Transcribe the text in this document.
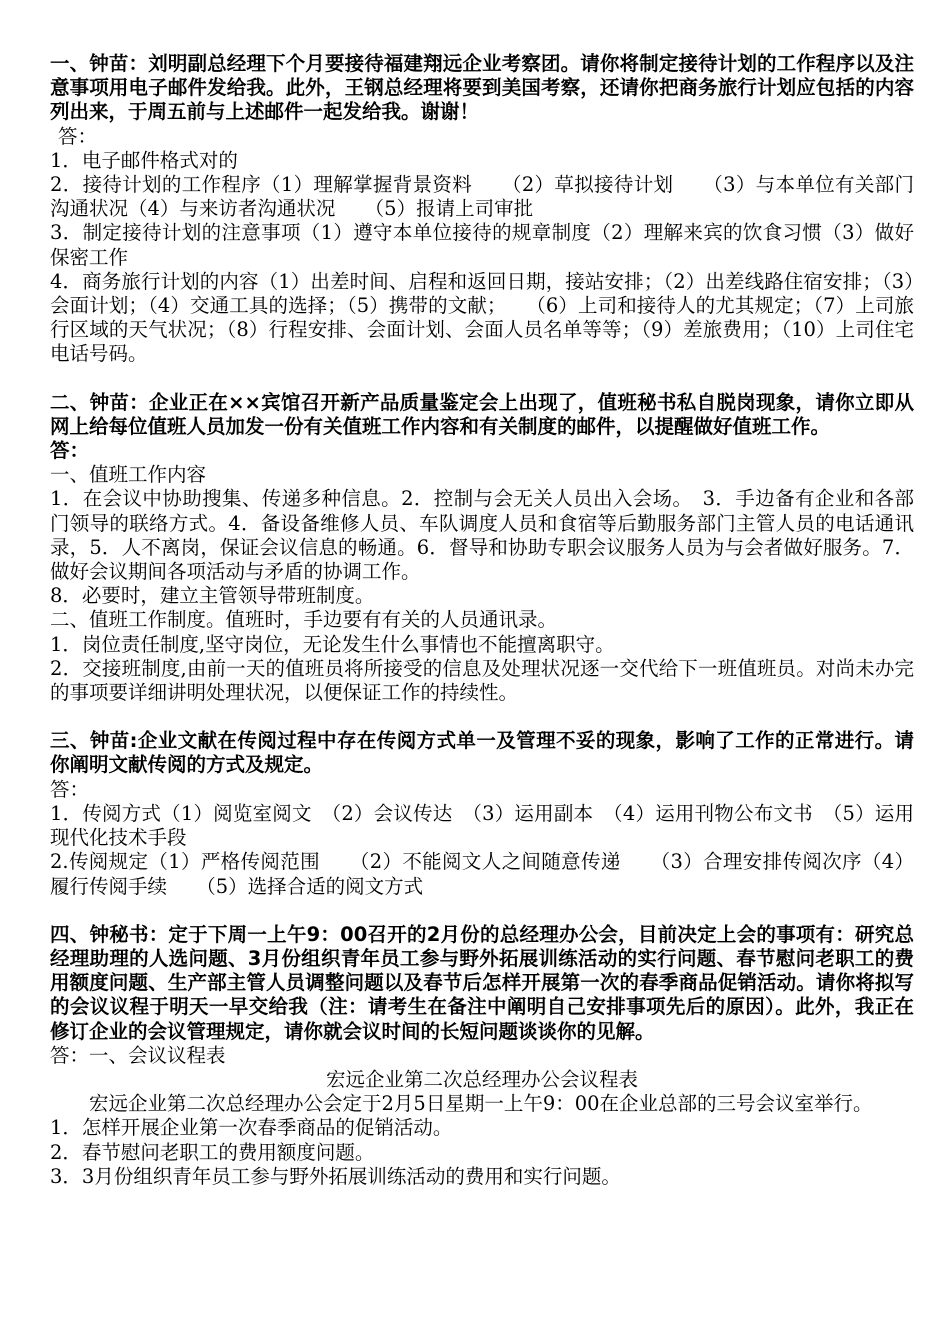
一、钟苗：刘明副总经理下个月要接待福建翔远企业考察团。请你将制定接待计划的工作程序以及注意事项用电子邮件发给我。此外，王钢总经理将要到美国考察，还请你把商务旅行计划应包括的内容列出来，于周五前与上述邮件一起发给我。谢谢！

答：

1．电子邮件格式对的

2．接待计划的工作程序（1）理解掌握背景资料　　（2）草拟接待计划　　（3）与本单位有关部门沟通状况（4）与来访者沟通状况　　（5）报请上司审批

3．制定接待计划的注意事项（1）遵守本单位接待的规章制度（2）理解来宾的饮食习惯（3）做好保密工作

4．商务旅行计划的内容（1）出差时间、启程和返回日期，接站安排；（2）出差线路住宿安排；（3）会面计划；（4）交通工具的选择；（5）携带的文献；　　（6）上司和接待人的尤其规定；（7）上司旅行区域的天气状况；（8）行程安排、会面计划、会面人员名单等等；（9）差旅费用；（10）上司住宅电话号码。

二、钟苗：企业正在××宾馆召开新产品质量鉴定会上出现了，值班秘书私自脱岗现象，请你立即从网上给每位值班人员加发一份有关值班工作内容和有关制度的邮件，以提醒做好值班工作。

答：

一、值班工作内容

1．在会议中协助搜集、传递多种信息。2．控制与会无关人员出入会场。　3．手边备有企业和各部门领导的联络方式。4．备设备维修人员、车队调度人员和食宿等后勤服务部门主管人员的电话通讯录，5．人不离岗，保证会议信息的畅通。6．督导和协助专职会议服务人员为与会者做好服务。7．做好会议期间各项活动与矛盾的协调工作。

8．必要时，建立主管领导带班制度。

二、值班工作制度。值班时，手边要有有关的人员通讯录。

1．岗位责任制度,坚守岗位，无论发生什么事情也不能擅离职守。

2．交接班制度,由前一天的值班员将所接受的信息及处理状况逐一交代给下一班值班员。对尚未办完的事项要详细讲明处理状况，以便保证工作的持续性。

三、钟苗:企业文献在传阅过程中存在传阅方式单一及管理不妥的现象，影响了工作的正常进行。请你阐明文献传阅的方式及规定。

答：

1．传阅方式（1）阅览室阅文　（2）会议传达　（3）运用副本　（4）运用刊物公布文书　（5）运用现代化技术手段

2.传阅规定（1）严格传阅范围　　（2）不能阅文人之间随意传递　　（3）合理安排传阅次序（4）履行传阅手续　　（5）选择合适的阅文方式

四、钟秘书：定于下周一上午9：00召开的2月份的总经理办公会，目前决定上会的事项有：研究总经理助理的人选问题、3月份组织青年员工参与野外拓展训练活动的实行问题、春节慰问老职工的费用额度问题、生产部主管人员调整问题以及春节后怎样开展第一次的春季商品促销活动。请你将拟写的会议议程于明天一早交给我（注：请考生在备注中阐明自己安排事项先后的原因）。此外，我正在修订企业的会议管理规定，请你就会议时间的长短问题谈谈你的见解。

答：一、会议议程表

宏远企业第二次总经理办公会议程表

宏远企业第二次总经理办公会定于2月5日星期一上午9：00在企业总部的三号会议室举行。

1．怎样开展企业第一次春季商品的促销活动。

2．春节慰问老职工的费用额度问题。

3．3月份组织青年员工参与野外拓展训练活动的费用和实行问题。
